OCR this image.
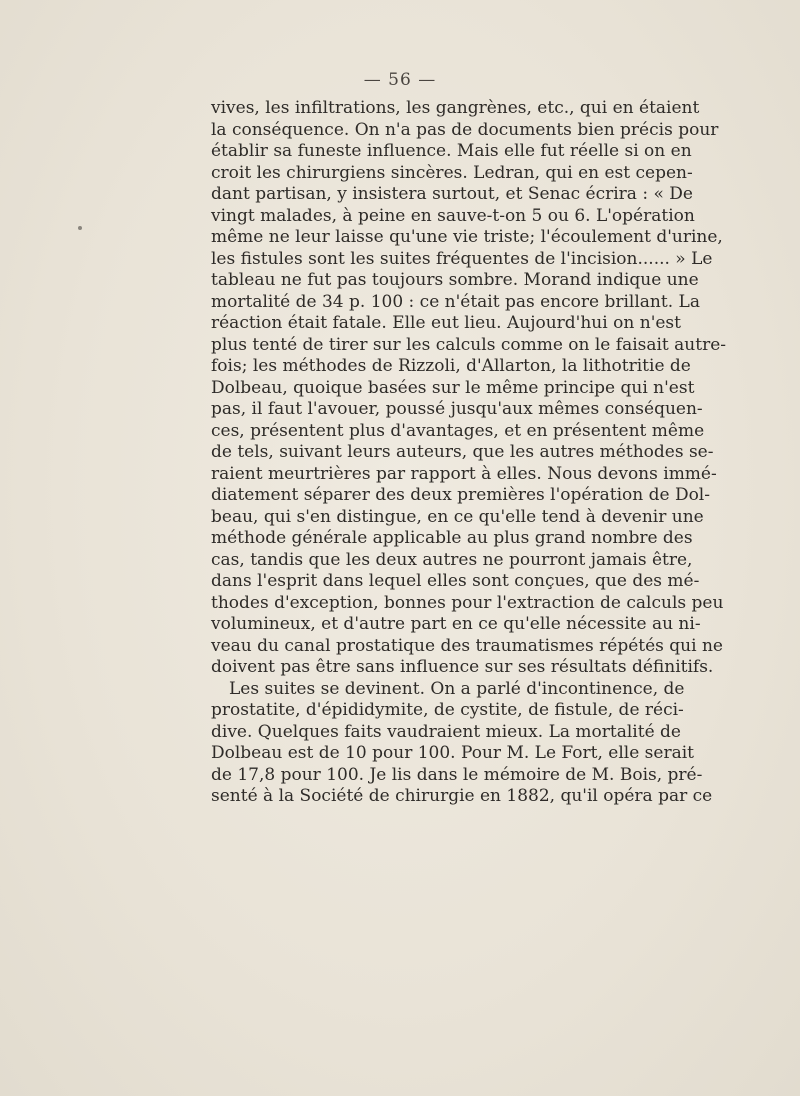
— 56 —
vives, les infiltrations, les gangrènes, etc., qui en étaient
la conséquence. On n'a pas de documents bien précis pour
établir sa funeste influence. Mais elle fut réelle si on en
croit les chirurgiens sincères. Ledran, qui en est cepen-
dant partisan, y insistera surtout, et Senac écrira : « De
vingt malades, à peine en sauve-t-on 5 ou 6. L'opération
même ne leur laisse qu'une vie triste; l'écoulement d'urine,
les fistules sont les suites fréquentes de l'incision...... » Le
tableau ne fut pas toujours sombre. Morand indique une
mortalité de 34 p. 100 : ce n'était pas encore brillant. La
réaction était fatale. Elle eut lieu. Aujourd'hui on n'est
plus tenté de tirer sur les calculs comme on le faisait autre-
fois; les méthodes de Rizzoli, d'Allarton, la lithotritie de
Dolbeau, quoique basées sur le même principe qui n'est
pas, il faut l'avouer, poussé jusqu'aux mêmes conséquen-
ces, présentent plus d'avantages, et en présentent même
de tels, suivant leurs auteurs, que les autres méthodes se-
raient meurtrières par rapport à elles. Nous devons immé-
diatement séparer des deux premières l'opération de Dol-
beau, qui s'en distingue, en ce qu'elle tend à devenir une
méthode générale applicable au plus grand nombre des
cas, tandis que les deux autres ne pourront jamais être,
dans l'esprit dans lequel elles sont conçues, que des mé-
thodes d'exception, bonnes pour l'extraction de calculs peu
volumineux, et d'autre part en ce qu'elle nécessite au ni-
veau du canal prostatique des traumatismes répétés qui ne
doivent pas être sans influence sur ses résultats définitifs.
Les suites se devinent. On a parlé d'incontinence, de
prostatite, d'épididymite, de cystite, de fistule, de réci-
dive. Quelques faits vaudraient mieux. La mortalité de
Dolbeau est de 10 pour 100. Pour M. Le Fort, elle serait
de 17,8 pour 100. Je lis dans le mémoire de M. Bois, pré-
senté à la Société de chirurgie en 1882, qu'il opéra par ce
